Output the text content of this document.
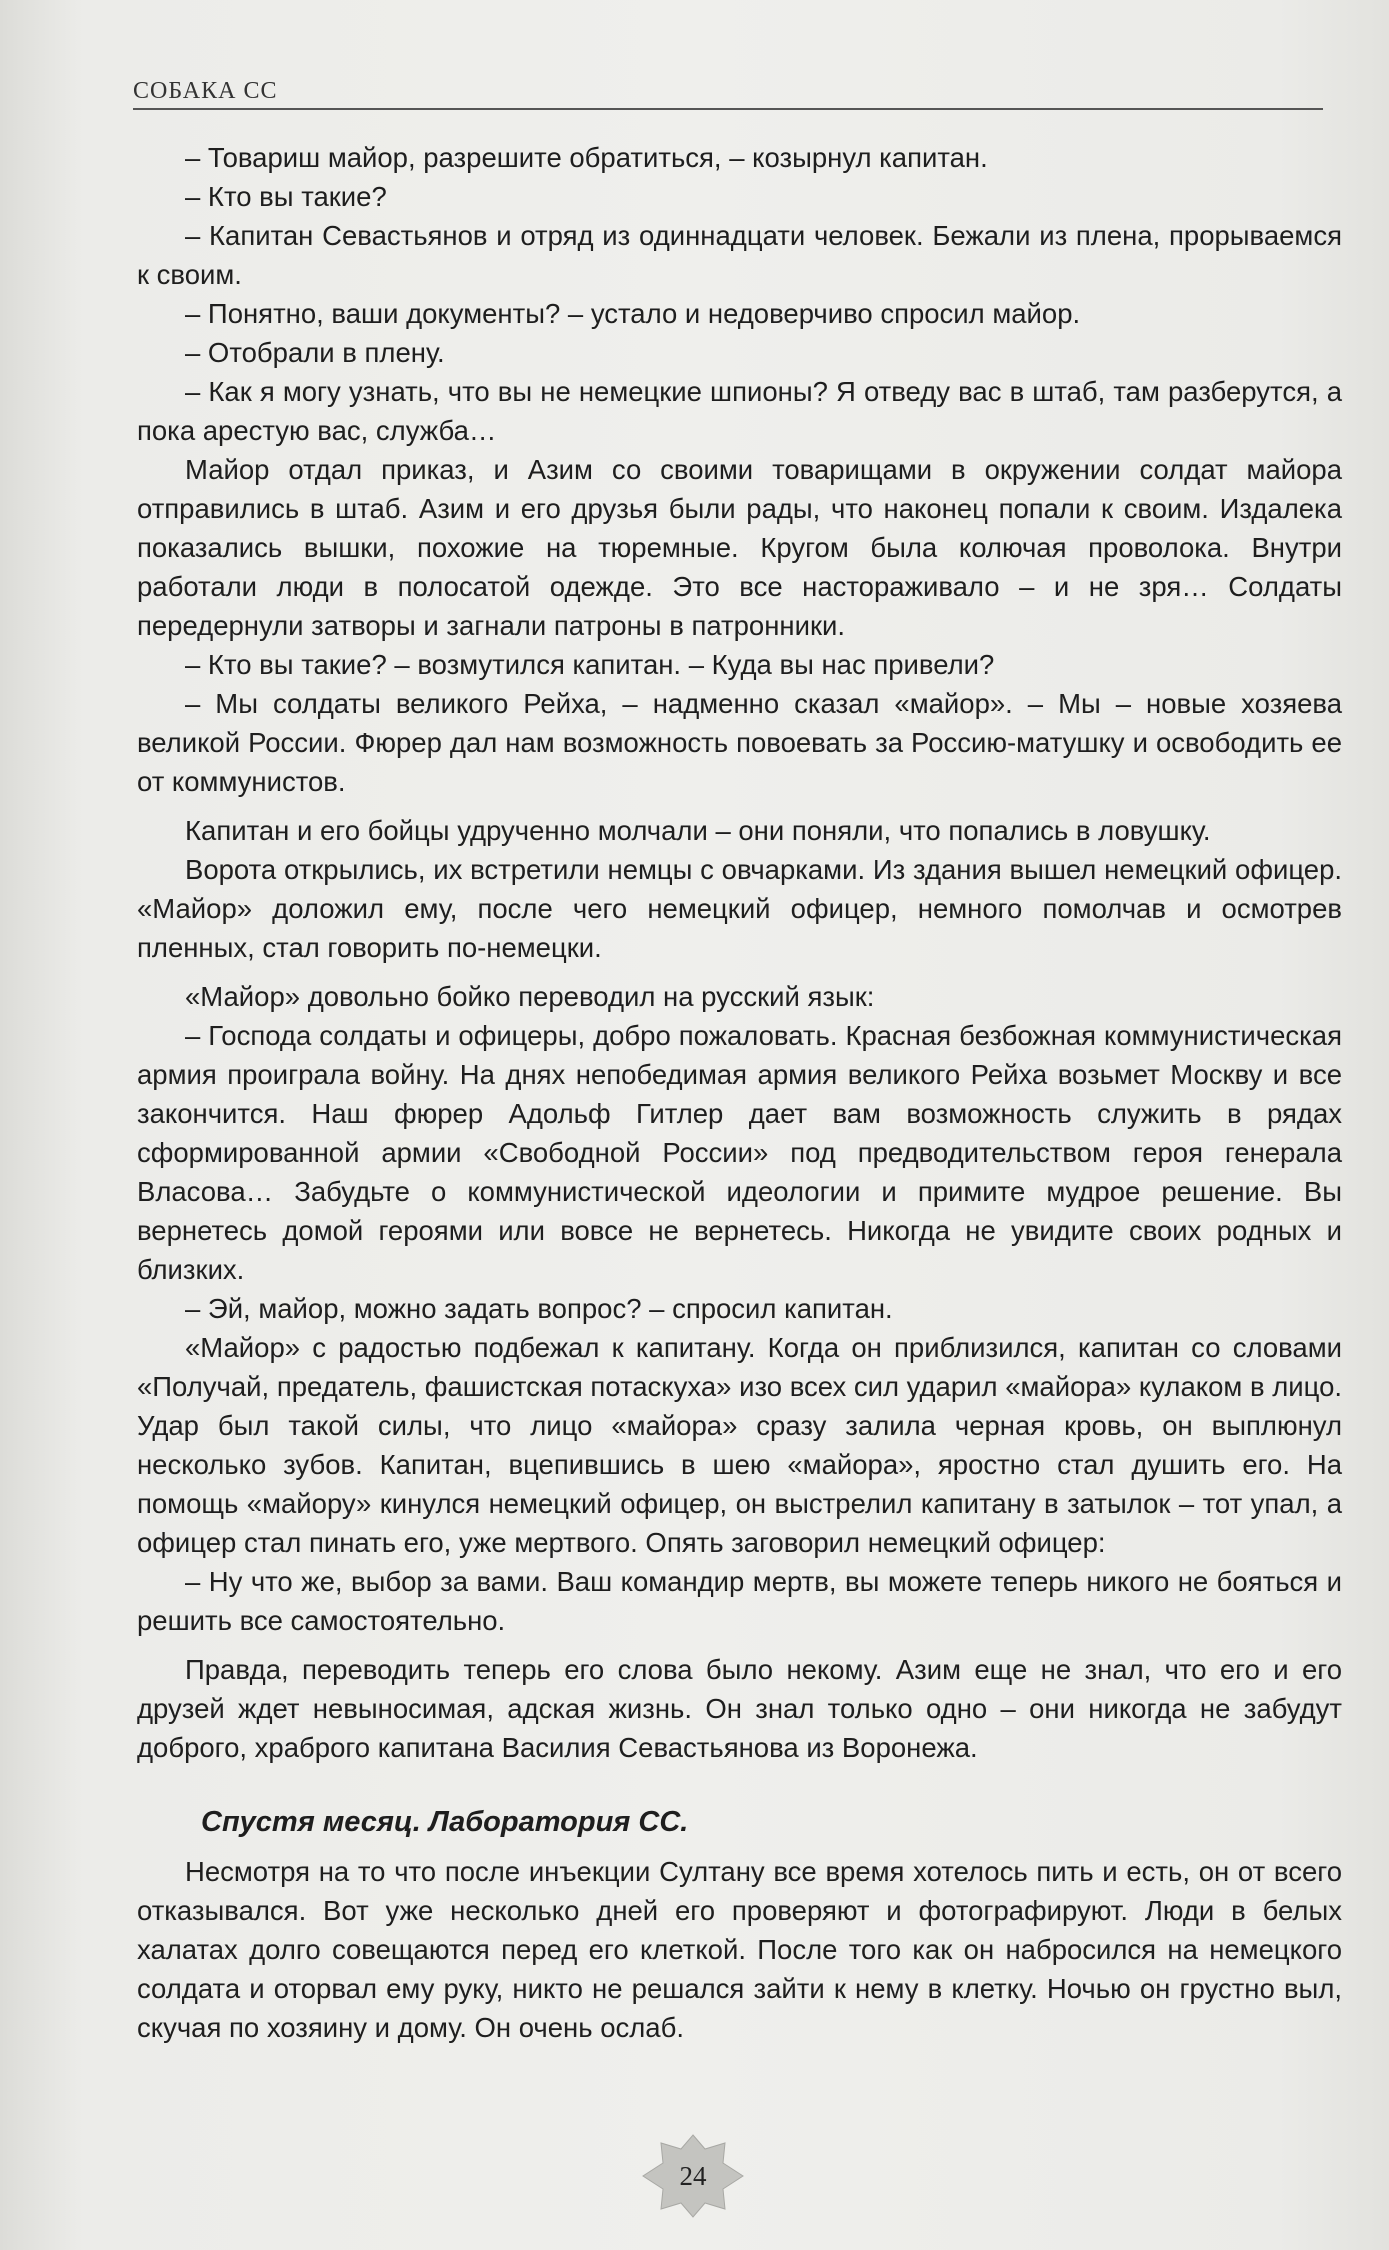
СОБАКА СС

– Товариш майор, разрешите обратиться, – козырнул капитан.

– Кто вы такие?

– Капитан Севастьянов и отряд из одиннадцати человек. Бежали из плена, прорываемся к своим.

– Понятно, ваши документы? – устало и недоверчиво спросил майор.

– Отобрали в плену.

– Как я могу узнать, что вы не немецкие шпионы? Я отведу вас в штаб, там разберутся, а пока арестую вас, служба…

Майор отдал приказ, и Азим со своими товарищами в окружении солдат майора отправились в штаб. Азим и его друзья были рады, что наконец попали к своим. Издалека показались вышки, похожие на тюремные. Кругом была колючая проволока. Внутри работали люди в полосатой одежде. Это все настораживало – и не зря… Солдаты передернули затворы и загнали патроны в патронники.

– Кто вы такие? – возмутился капитан. – Куда вы нас привели?

– Мы солдаты великого Рейха, – надменно сказал «майор». – Мы – новые хозяева великой России. Фюрер дал нам возможность повоевать за Россию-матушку и освободить ее от коммунистов.

Капитан и его бойцы удрученно молчали – они поняли, что попались в ловушку.

Ворота открылись, их встретили немцы с овчарками. Из здания вышел немецкий офицер. «Майор» доложил ему, после чего немецкий офицер, немного помолчав и осмотрев пленных, стал говорить по-немецки.

«Майор» довольно бойко переводил на русский язык:

– Господа солдаты и офицеры, добро пожаловать. Красная безбожная коммунистическая армия проиграла войну. На днях непобедимая армия великого Рейха возьмет Москву и все закончится. Наш фюрер Адольф Гитлер дает вам возможность служить в рядах сформированной армии «Свободной России» под предводительством героя генерала Власова… Забудьте о коммунистической идеологии и примите мудрое решение. Вы вернетесь домой героями или вовсе не вернетесь. Никогда не увидите своих родных и близких.

– Эй, майор, можно задать вопрос? – спросил капитан.

«Майор» с радостью подбежал к капитану. Когда он приблизился, капитан со словами «Получай, предатель, фашистская потаскуха» изо всех сил ударил «майора» кулаком в лицо. Удар был такой силы, что лицо «майора» сразу залила черная кровь, он выплюнул несколько зубов. Капитан, вцепившись в шею «майора», яростно стал душить его. На помощь «майору» кинулся немецкий офицер, он выстрелил капитану в затылок – тот упал, а офицер стал пинать его, уже мертвого. Опять заговорил немецкий офицер:

– Ну что же, выбор за вами. Ваш командир мертв, вы можете теперь никого не бояться и решить все самостоятельно.

Правда, переводить теперь его слова было некому. Азим еще не знал, что его и его друзей ждет невыносимая, адская жизнь. Он знал только одно – они никогда не забудут доброго, храброго капитана Василия Севастьянова из Воронежа.

Спустя месяц. Лаборатория СС.

Несмотря на то что после инъекции Султану все время хотелось пить и есть, он от всего отказывался. Вот уже несколько дней его проверяют и фотографируют. Люди в белых халатах долго совещаются перед его клеткой. После того как он набросился на немецкого солдата и оторвал ему руку, никто не решался зайти к нему в клетку. Ночью он грустно выл, скучая по хозяину и дому. Он очень ослаб.

24
